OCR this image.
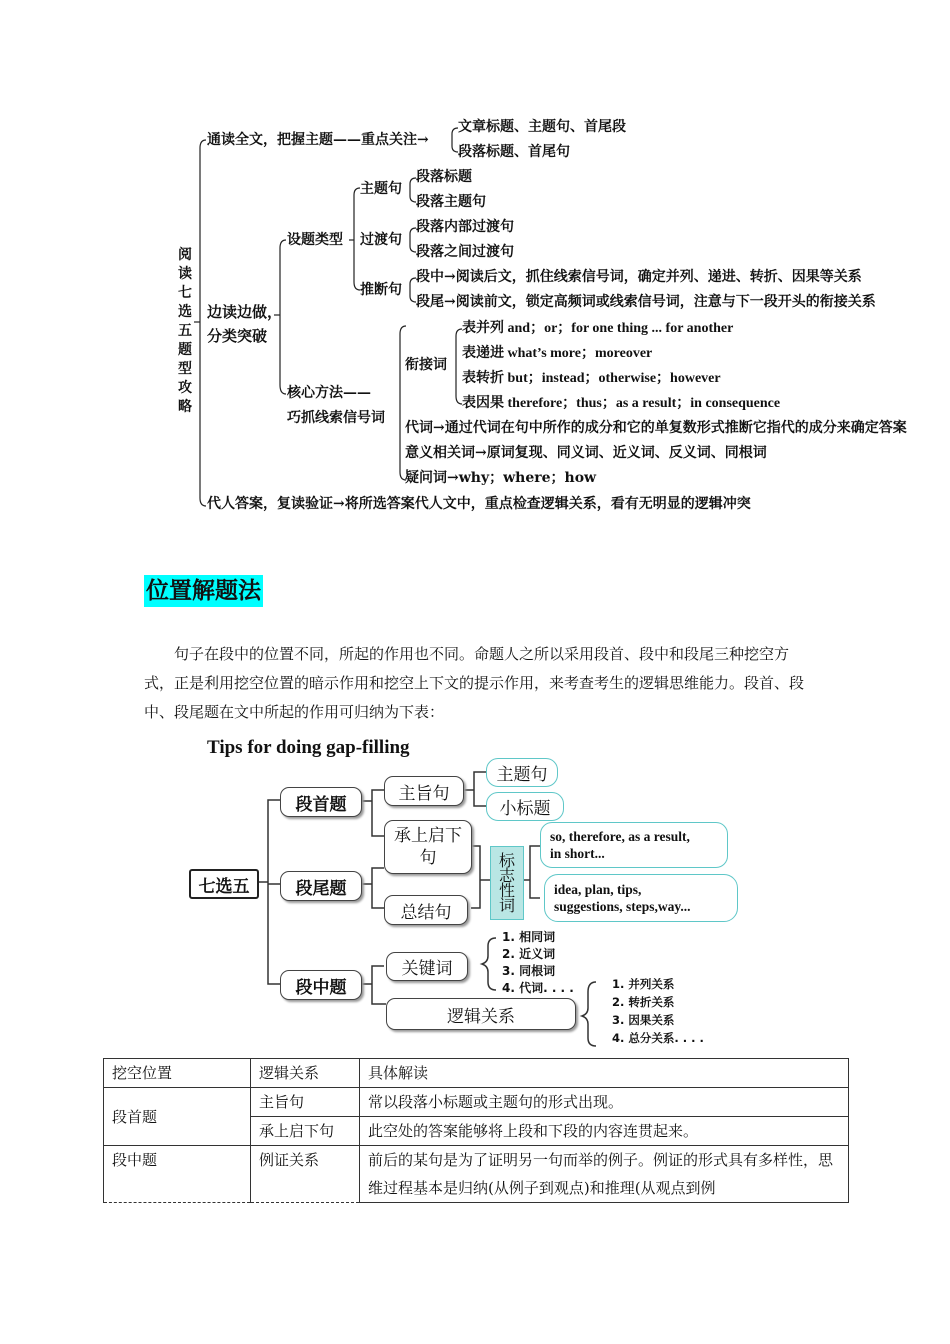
阅
读
七
选
五
题
型
攻
略
通读全文，把握主题——重点关注→
文章标题、主题句、首尾段
段落标题、首尾句
边读边做，
分类突破
设题类型
主题句
段落标题
段落主题句
过渡句
段落内部过渡句
段落之间过渡句
推断句
段中→阅读后文，抓住线索信号词，确定并列、递进、转折、因果等关系
段尾→阅读前文，锁定高频词或线索信号词，注意与下一段开头的衔接关系
核心方法——
巧抓线索信号词
衔接词
表并列 and；or；for one thing ... for another
表递进 what’s more；moreover
表转折 but；instead；otherwise；however
表因果 therefore；thus；as a result；in consequence
代词→通过代词在句中所作的成分和它的单复数形式推断它指代的成分来确定答案
意义相关词→原词复现、同义词、近义词、反义词、同根词
疑问词→why；where；how
代人答案，复读验证→将所选答案代人文中，重点检查逻辑关系，看有无明显的逻辑冲突
位置解题法
句子在段中的位置不同，所起的作用也不同。命题人之所以采用段首、段中和段尾三种挖空方式，正是利用挖空位置的暗示作用和挖空上下文的提示作用，来考查考生的逻辑思维能力。段首、段中、段尾题在文中所起的作用可归纳为下表：
Tips for doing gap-filling
七选五
段首题
主旨句
主题句
小标题
承上启下句
段尾题
总结句
标志性词
so, therefore, as a result,
in short...
idea, plan, tips,
suggestions, steps,way...
段中题
关键词
逻辑关系
1. 相同词
2. 近义词
3. 同根词
4. 代词. . . .	1. 并列关系
2. 转折关系
3. 因果关系
4. 总分关系. . . .
挖空位置	逻辑关系	具体解读
段首题	主旨句	常以段落小标题或主题句的形式出现。
	承上启下句	此空处的答案能够将上段和下段的内容连贯起来。
段中题	例证关系	前后的某句是为了证明另一句而举的例子。例证的形式具有多样性，思维过程基本是归纳(从例子到观点)和推理(从观点到例
